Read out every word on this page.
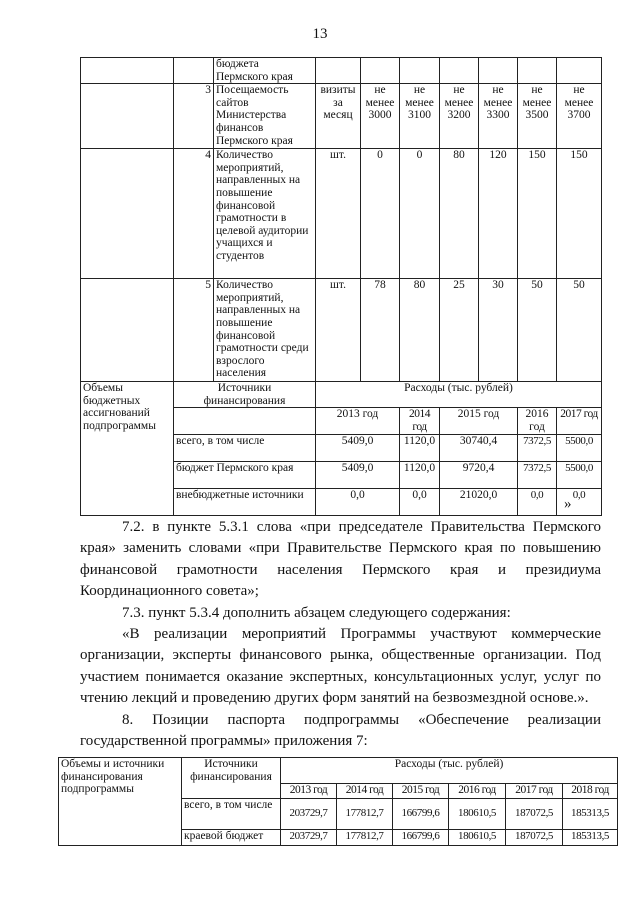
13
		бюджета Пермского края								
	3	Посещаемость сайтов Министерства финансов Пермского края	визиты за месяц	не менее 3000	не менее 3100	не менее 3200	не менее 3300	не менее 3500	не менее 3700	
	4	Количество мероприятий, направленных на повышение финансовой грамотности в целевой аудитории учащихся и студентов	шт.	0	0	80	120	150	150	
	5	Количество мероприятий, направленных на повышение финансовой грамотности среди взрослого населения	шт.	78	80	25	30	50	50	
Объемы бюджетных ассигнований подпрограммы	Источники финансирования		Расходы (тыс. рублей)							
			2013 год		2014 год	2015 год		2016 год	2017 год	
	всего, в том числе		5409,0		1120,0	30740,4		7372,5	5500,0	
	бюджет Пермского края		5409,0		1120,0	9720,4		7372,5	5500,0	
	внебюджетные источники		0,0		0,0	21020,0		0,0	0,0	
»

7.2. в пункте 5.3.1 слова «при председателе Правительства Пермского края» заменить словами «при Правительстве Пермского края по повышению финансовой грамотности населения Пермского края и президиума Координационного совета»;

7.3. пункт 5.3.4 дополнить абзацем следующего содержания:

«В реализации мероприятий Программы участвуют коммерческие организации, эксперты финансового рынка, общественные организации. Под участием понимается оказание экспертных, консультационных услуг, услуг по чтению лекций и проведению других форм занятий на безвозмездной основе.».

8. Позиции паспорта подпрограммы «Обеспечение реализации государственной программы» приложения 7:

Объемы и источники финансирования подпрограммы	Источники финансирования	Расходы (тыс. рублей)					
		2013 год	2014 год	2015 год	2016 год	2017 год	2018 год
	всего, в том числе	203729,7	177812,7	166799,6	180610,5	187072,5	185313,5
	краевой бюджет	203729,7	177812,7	166799,6	180610,5	187072,5	185313,5
